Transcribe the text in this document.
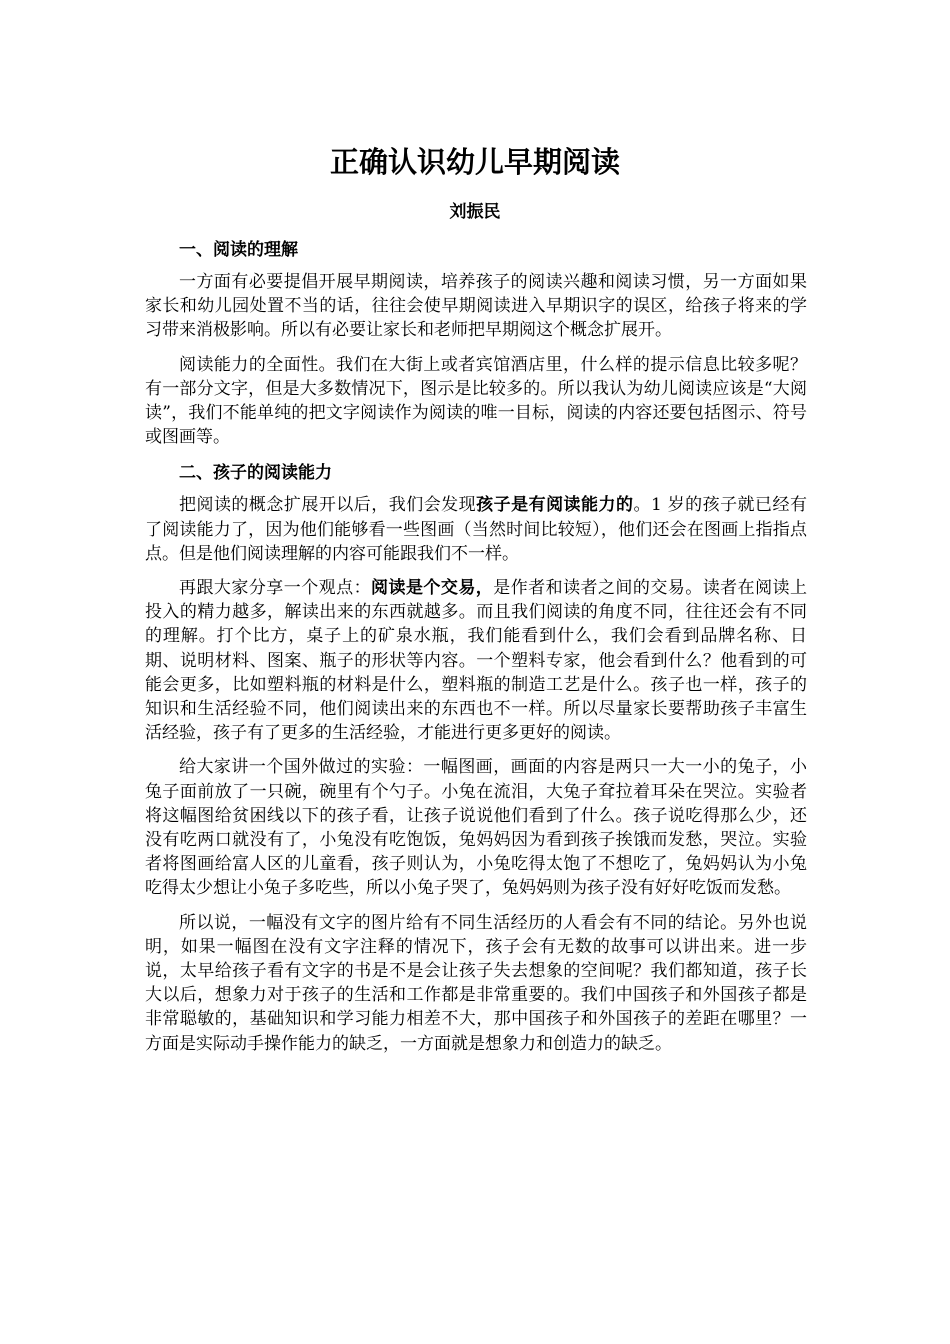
正确认识幼儿早期阅读
刘振民
一、阅读的理解

一方面有必要提倡开展早期阅读，培养孩子的阅读兴趣和阅读习惯，另一方面如果家长和幼儿园处置不当的话，往往会使早期阅读进入早期识字的误区，给孩子将来的学习带来消极影响。所以有必要让家长和老师把早期阅这个概念扩展开。

阅读能力的全面性。我们在大街上或者宾馆酒店里，什么样的提示信息比较多呢？有一部分文字，但是大多数情况下，图示是比较多的。所以我认为幼儿阅读应该是“大阅读”，我们不能单纯的把文字阅读作为阅读的唯一目标，阅读的内容还要包括图示、符号或图画等。

二、孩子的阅读能力

把阅读的概念扩展开以后，我们会发现孩子是有阅读能力的。1 岁的孩子就已经有了阅读能力了，因为他们能够看一些图画（当然时间比较短），他们还会在图画上指指点点。但是他们阅读理解的内容可能跟我们不一样。

再跟大家分享一个观点：阅读是个交易，是作者和读者之间的交易。读者在阅读上投入的精力越多，解读出来的东西就越多。而且我们阅读的角度不同，往往还会有不同的理解。打个比方，桌子上的矿泉水瓶，我们能看到什么，我们会看到品牌名称、日期、说明材料、图案、瓶子的形状等内容。一个塑料专家，他会看到什么？他看到的可能会更多，比如塑料瓶的材料是什么，塑料瓶的制造工艺是什么。孩子也一样，孩子的知识和生活经验不同，他们阅读出来的东西也不一样。所以尽量家长要帮助孩子丰富生活经验，孩子有了更多的生活经验，才能进行更多更好的阅读。

给大家讲一个国外做过的实验：一幅图画，画面的内容是两只一大一小的兔子，小兔子面前放了一只碗，碗里有个勺子。小兔在流泪，大兔子耷拉着耳朵在哭泣。实验者将这幅图给贫困线以下的孩子看，让孩子说说他们看到了什么。孩子说吃得那么少，还没有吃两口就没有了，小兔没有吃饱饭，兔妈妈因为看到孩子挨饿而发愁，哭泣。实验者将图画给富人区的儿童看，孩子则认为，小兔吃得太饱了不想吃了，兔妈妈认为小兔吃得太少想让小兔子多吃些，所以小兔子哭了，兔妈妈则为孩子没有好好吃饭而发愁。

所以说，一幅没有文字的图片给有不同生活经历的人看会有不同的结论。另外也说明，如果一幅图在没有文字注释的情况下，孩子会有无数的故事可以讲出来。进一步说，太早给孩子看有文字的书是不是会让孩子失去想象的空间呢？我们都知道，孩子长大以后，想象力对于孩子的生活和工作都是非常重要的。我们中国孩子和外国孩子都是非常聪敏的，基础知识和学习能力相差不大，那中国孩子和外国孩子的差距在哪里？一方面是实际动手操作能力的缺乏，一方面就是想象力和创造力的缺乏。
